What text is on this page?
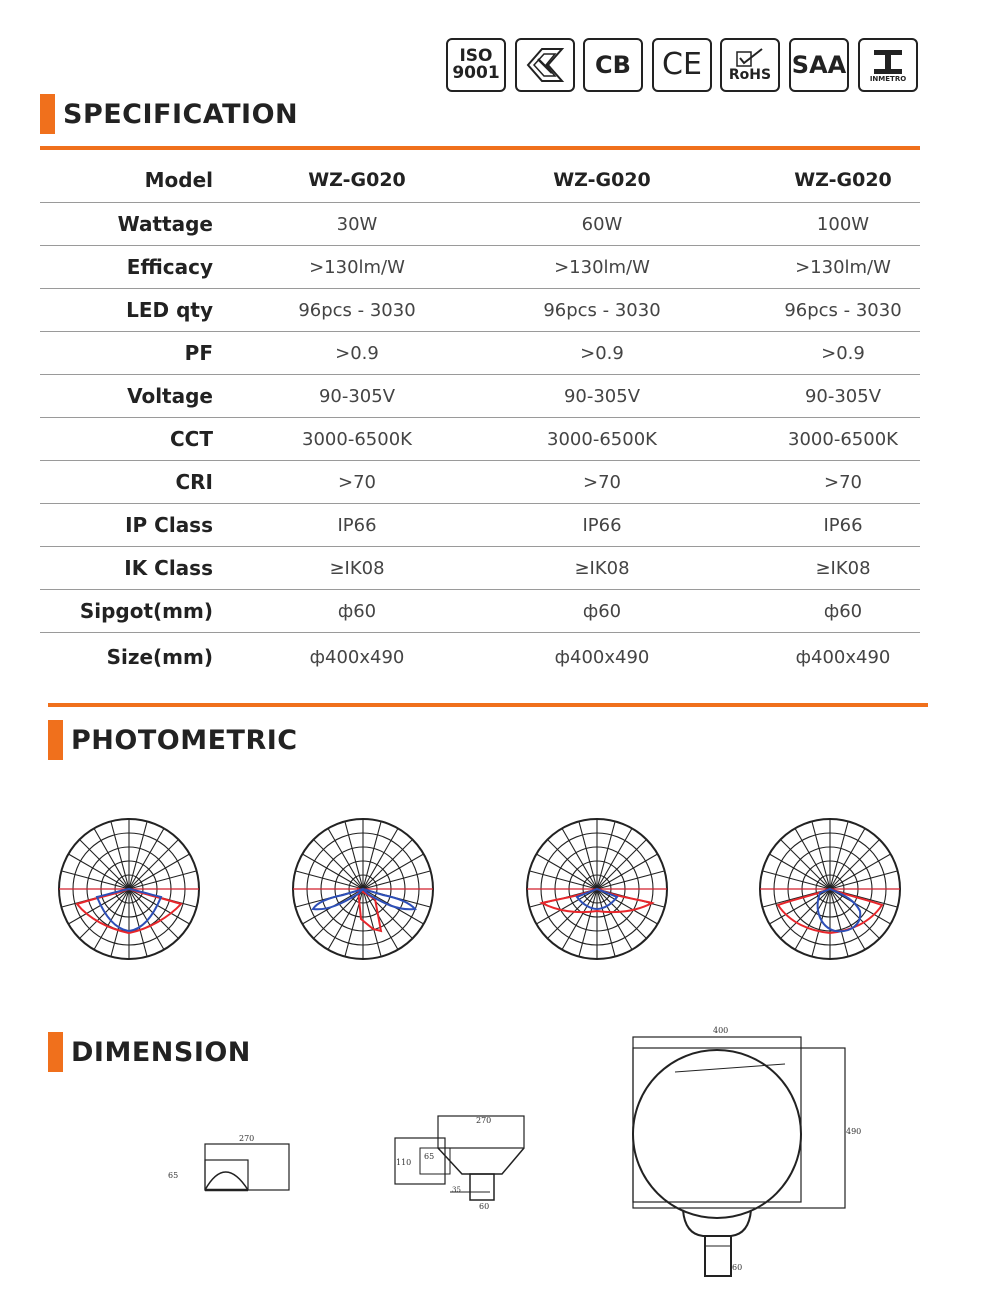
ISO
9001	CB CE RoHS SAA	INMETRO
SPECIFICATION
Model	WZ-G020	WZ-G020	WZ-G020
Wattage	30W	60W	100W
Efficacy	>130lm/W	>130lm/W	>130lm/W
LED qty	96pcs - 3030	96pcs - 3030	96pcs - 3030
PF	>0.9	>0.9	>0.9
Voltage	90-305V	90-305V	90-305V
CCT	3000-6500K	3000-6500K	3000-6500K
CRI	>70	>70	>70
IP Class	IP66	IP66	IP66
IK Class	≥IK08	≥IK08	≥IK08
Sipgot(mm)	ф60	ф60	ф60
Size(mm)	ф400x490	ф400x490	ф400x490
PHOTOMETRIC
DIMENSION
270
65
270
110
65
35
60
400
490
60
